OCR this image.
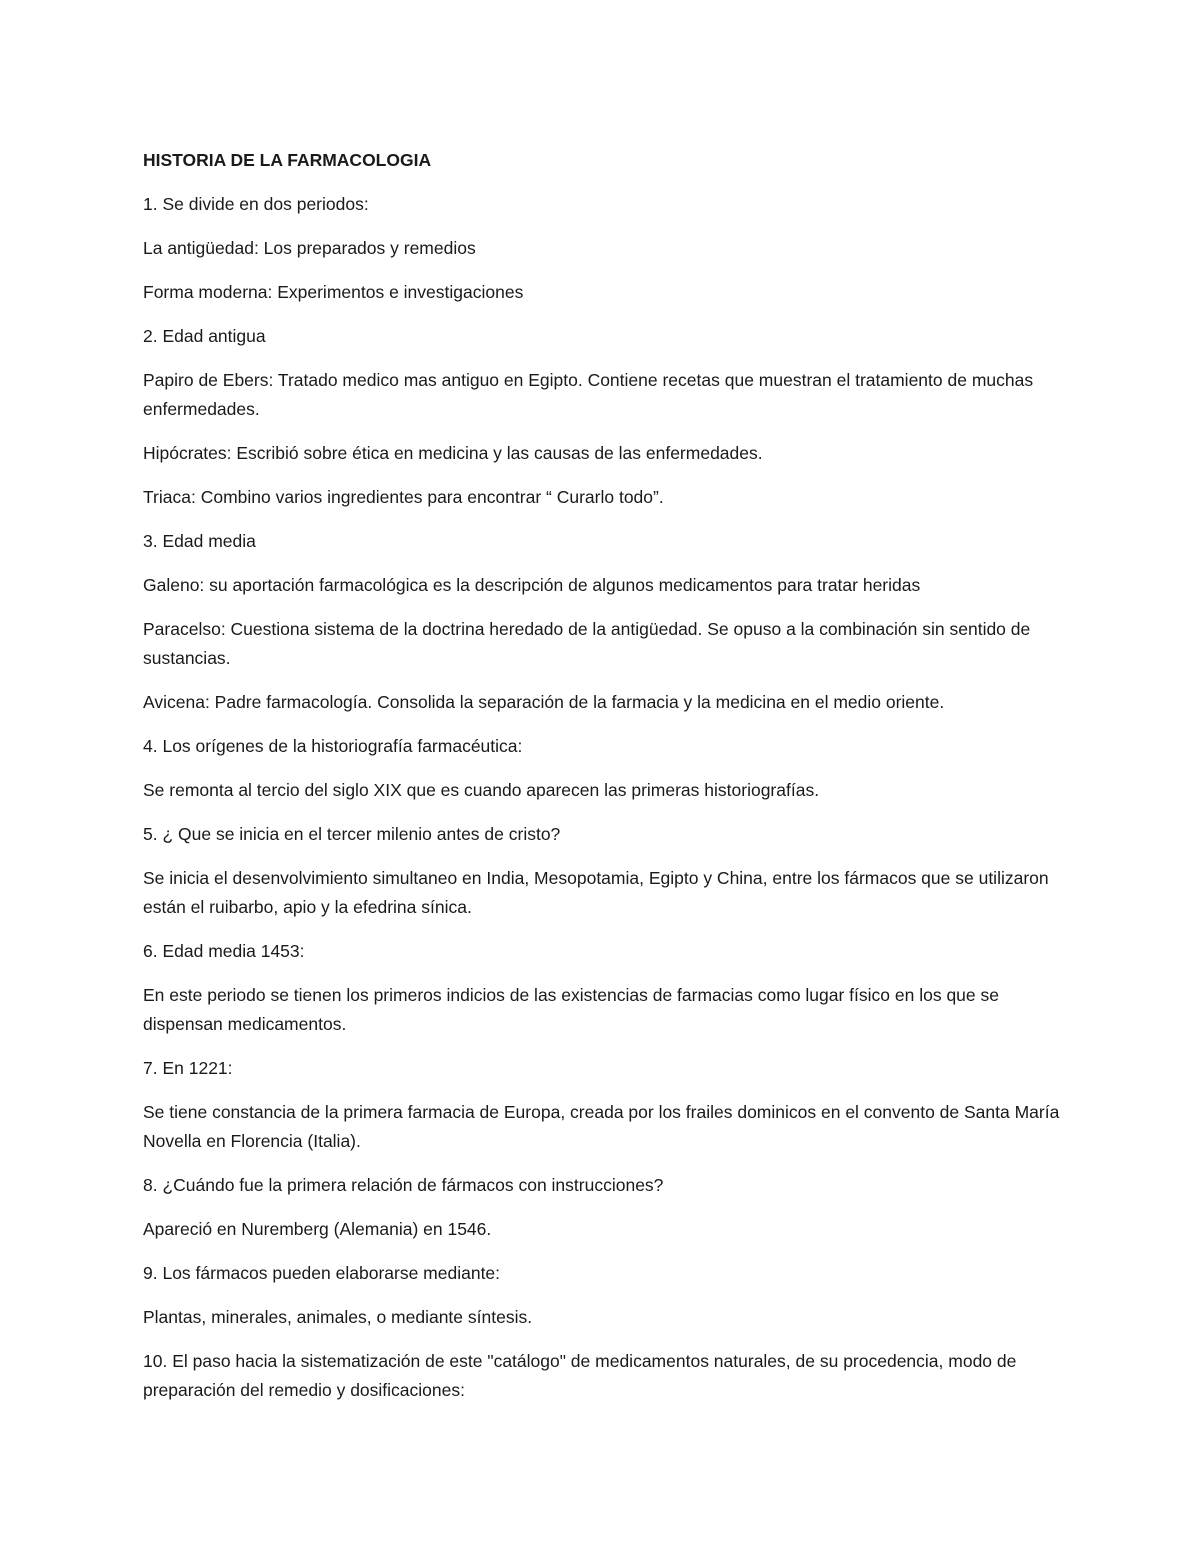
HISTORIA DE LA FARMACOLOGIA
1. Se divide en dos periodos:
La antigüedad: Los preparados y remedios
Forma moderna: Experimentos e investigaciones
2. Edad antigua
Papiro de Ebers: Tratado medico mas antiguo en Egipto. Contiene recetas que muestran el tratamiento de muchas enfermedades.
Hipócrates: Escribió sobre ética en medicina y las causas de las enfermedades.
Triaca: Combino varios ingredientes para encontrar “ Curarlo todo”.
3. Edad media
Galeno: su aportación farmacológica es la descripción de algunos medicamentos para tratar heridas
Paracelso: Cuestiona sistema de la doctrina heredado de la antigüedad. Se opuso a la combinación sin sentido de sustancias.
Avicena: Padre farmacología. Consolida la separación de la farmacia y la medicina en el medio oriente.
4. Los orígenes de la historiografía farmacéutica:
Se remonta al tercio del siglo XIX que es cuando aparecen las primeras historiografías.
5. ¿ Que se inicia en el tercer milenio antes de cristo?
Se inicia el desenvolvimiento simultaneo en India, Mesopotamia, Egipto y China, entre los fármacos que se utilizaron están el ruibarbo, apio y la efedrina sínica.
6. Edad media 1453:
En este periodo se tienen los primeros indicios de las existencias de farmacias como lugar físico en los que se dispensan medicamentos.
7. En 1221:
Se tiene constancia de la primera farmacia de Europa, creada por los frailes dominicos en el convento de Santa María Novella en Florencia (Italia).
8. ¿Cuándo fue la primera relación de fármacos con instrucciones?
Apareció en Nuremberg (Alemania) en 1546.
9. Los fármacos pueden elaborarse mediante:
Plantas, minerales, animales, o mediante síntesis.
10. El paso hacia la sistematización de este "catálogo" de medicamentos naturales, de su procedencia, modo de preparación del remedio y dosificaciones:
